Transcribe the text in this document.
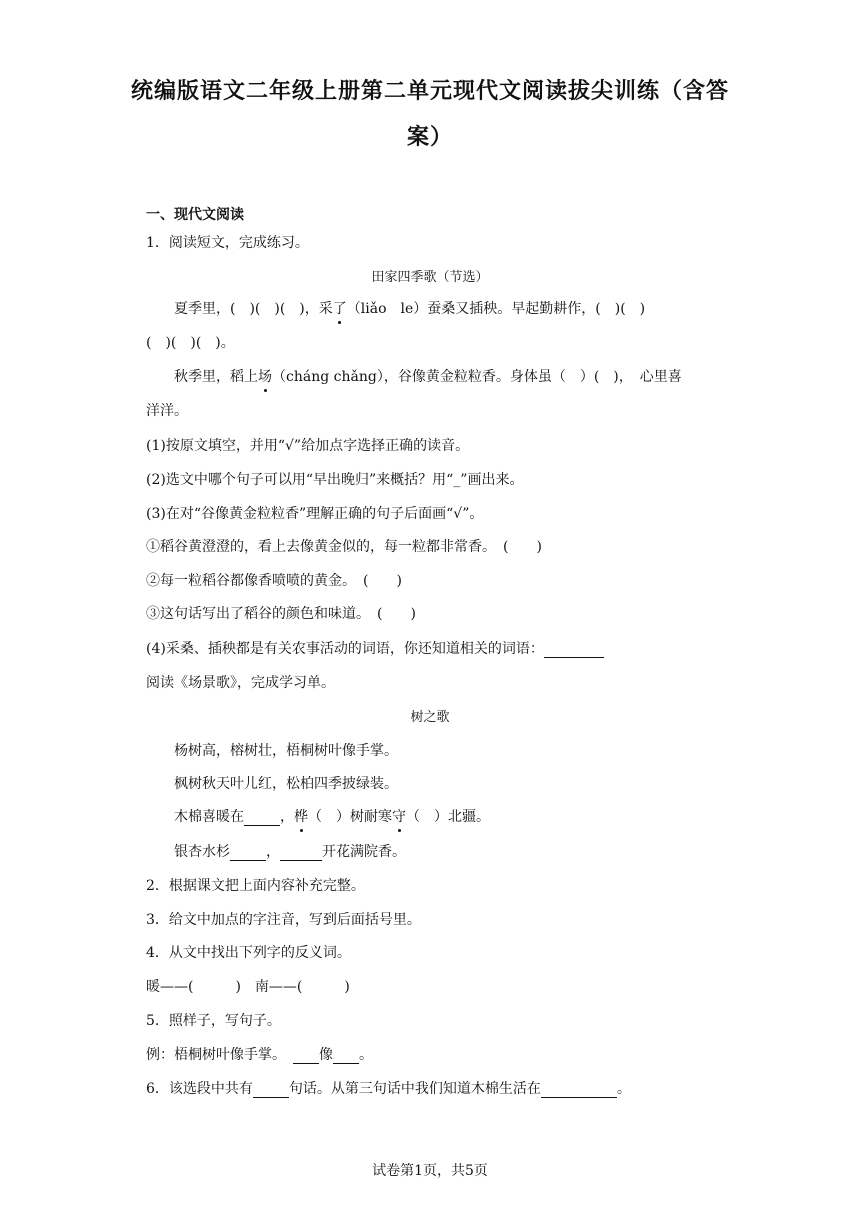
统编版语文二年级上册第二单元现代文阅读拔尖训练（含答
案）
一、现代文阅读
1．阅读短文，完成练习。
田家四季歌（节选）
夏季里，(　)(　)(　)，采了（liǎo　le）蚕桑又插秧。早起勤耕作，(　)(　)
(　)(　)(　)。
秋季里，稻上场（cháng chǎng），谷像黄金粒粒香。身体虽（　）(　)，　心里喜
洋洋。
(1)按原文填空，并用“√”给加点字选择正确的读音。
(2)选文中哪个句子可以用“早出晚归”来概括？用“_”画出来。
(3)在对“谷像黄金粒粒香”理解正确的句子后面画“√”。
①稻谷黄澄澄的，看上去像黄金似的，每一粒都非常香。　(　　)
②每一粒稻谷都像香喷喷的黄金。　(　　)
③这句话写出了稻谷的颜色和味道。　(　　)
(4)采桑、插秧都是有关农事活动的词语，你还知道相关的词语：
阅读《场景歌》，完成学习单。
树之歌
杨树高，榕树壮，梧桐树叶像手掌。
枫树秋天叶儿红，松柏四季披绿装。
木棉喜暖在	，桦（　）树耐寒守（　）北疆。
银杏水杉	，	开花满院香。
2．根据课文把上面内容补充完整。
3．给文中加点的字注音，写到后面括号里。
4．从文中找出下列字的反义词。
暖——(　　　)　南——(　　　)
5．照样子，写句子。
例：梧桐树叶像手掌。  像 。
6．该选段中共有	句话。从第三句话中我们知道木棉生活在	。
试卷第1页，共5页
